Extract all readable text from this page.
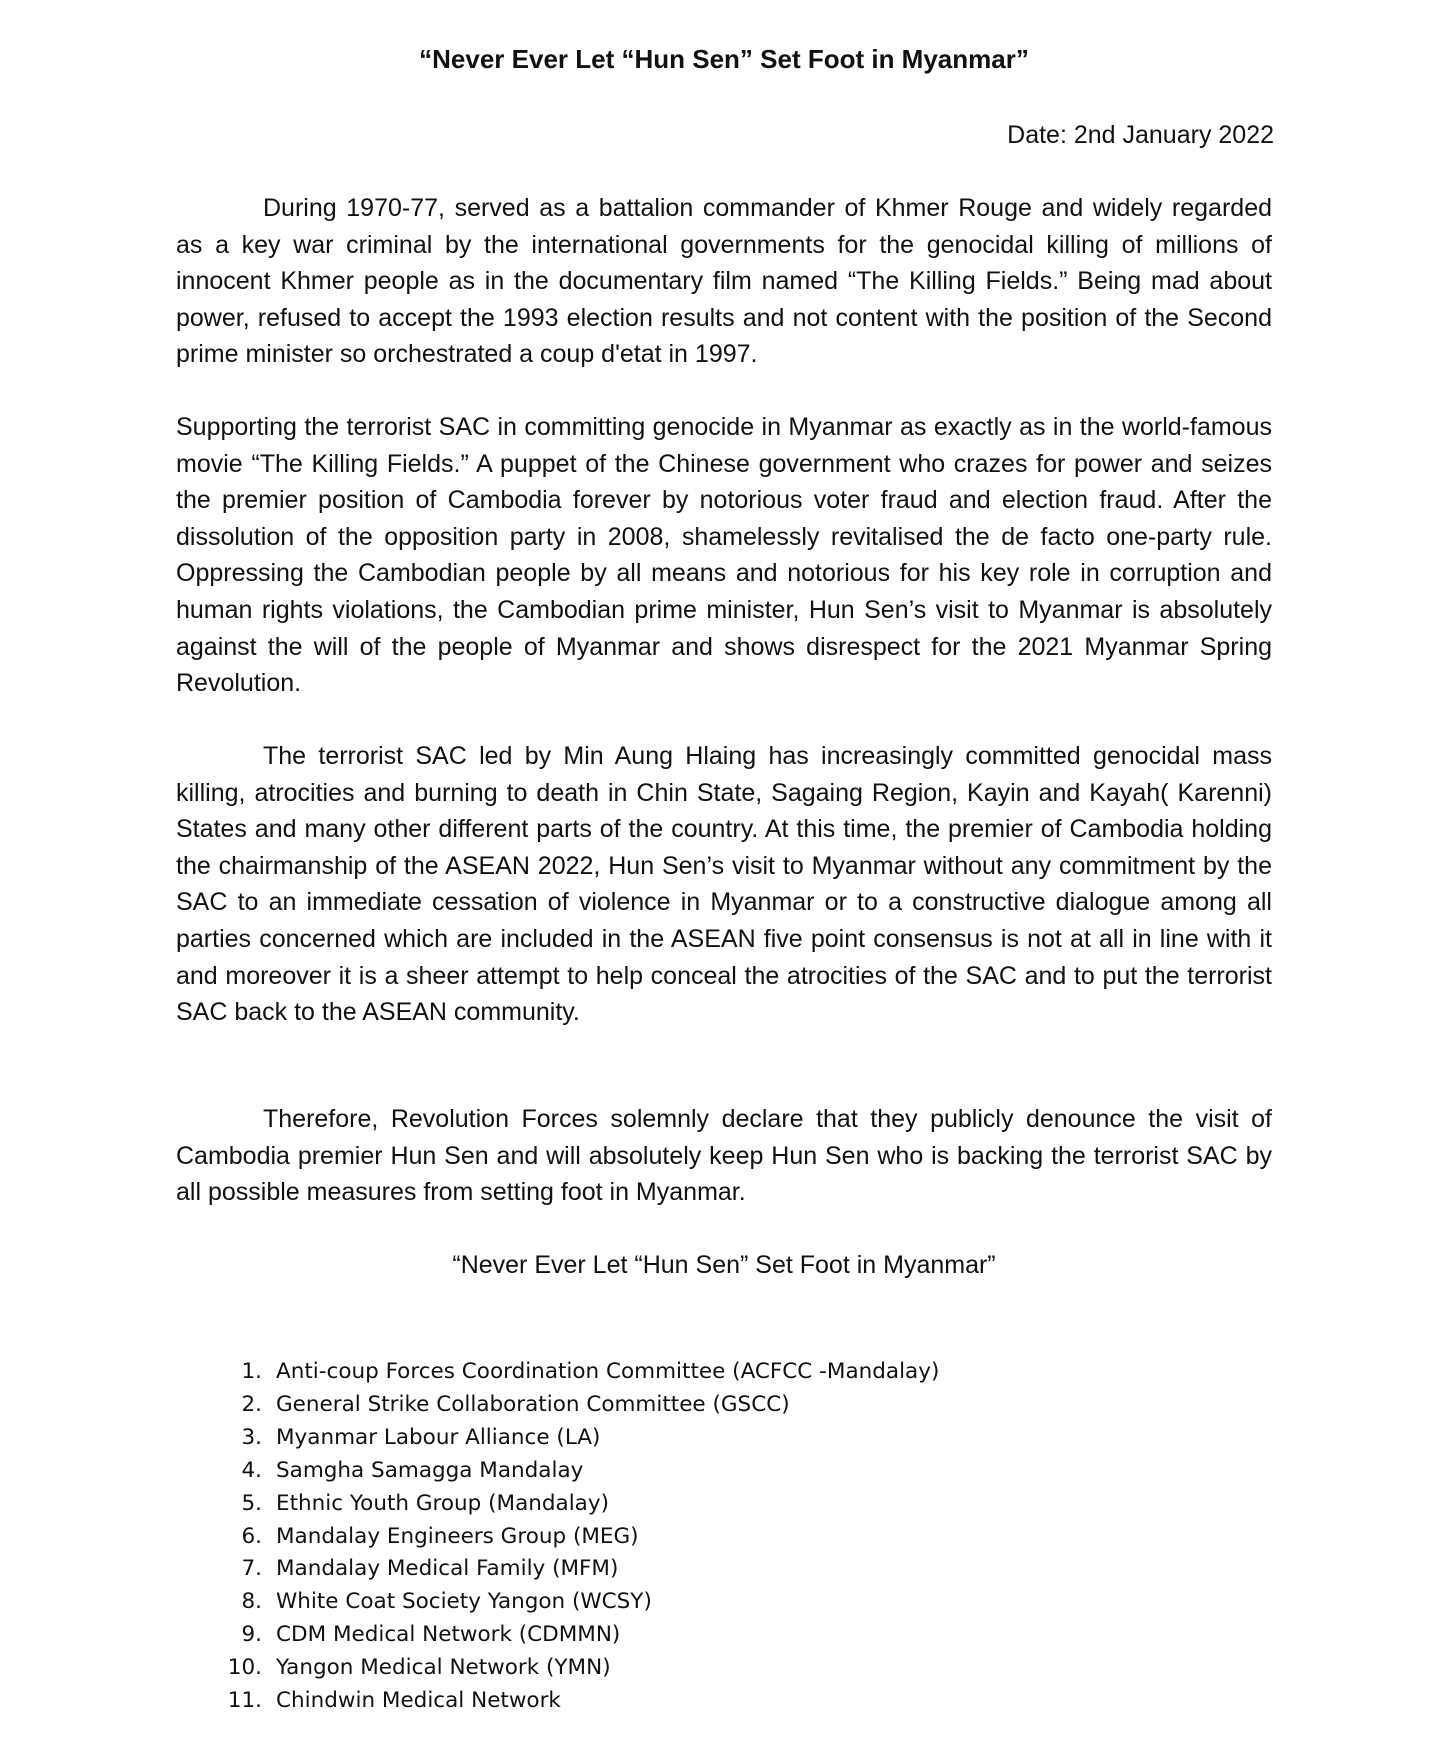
“Never Ever Let “Hun Sen” Set Foot in Myanmar”
Date: 2nd January 2022

During 1970-77, served as a battalion commander of Khmer Rouge and widely regarded as a key war criminal by the international governments for the genocidal killing of millions of innocent Khmer people as in the documentary film named “The Killing Fields.” Being mad about power, refused to accept the 1993 election results and not content with the position of the Second prime minister so orchestrated a coup d'etat in 1997.

Supporting the terrorist SAC in committing genocide in Myanmar as exactly as in the world-famous movie “The Killing Fields.” A puppet of the Chinese government who crazes for power and seizes the premier position of Cambodia forever by notorious voter fraud and election fraud. After the dissolution of the opposition party in 2008, shamelessly revitalised the de facto one-party rule. Oppressing the Cambodian people by all means and notorious for his key role in corruption and human rights violations, the Cambodian prime minister, Hun Sen’s visit to Myanmar is absolutely against the will of the people of Myanmar and shows disrespect for the 2021 Myanmar Spring Revolution.

The terrorist SAC led by Min Aung Hlaing has increasingly committed genocidal mass killing, atrocities and burning to death in Chin State, Sagaing Region, Kayin and Kayah( Karenni) States and many other different parts of the country. At this time, the premier of Cambodia holding the chairmanship of the ASEAN 2022, Hun Sen’s visit to Myanmar without any commitment by the SAC to an immediate cessation of violence in Myanmar or to a constructive dialogue among all parties concerned which are included in the ASEAN five point consensus is not at all in line with it and moreover it is a sheer attempt to help conceal the atrocities of the SAC and to put the terrorist SAC back to the ASEAN community.

Therefore, Revolution Forces solemnly declare that they publicly denounce the visit of Cambodia premier Hun Sen and will absolutely keep Hun Sen who is backing the terrorist SAC by all possible measures from setting foot in Myanmar.

“Never Ever Let “Hun Sen” Set Foot in Myanmar”
1. Anti-coup Forces Coordination Committee (ACFCC -Mandalay)
2. General Strike Collaboration Committee (GSCC)
3. Myanmar Labour Alliance (LA)
4. Samgha Samagga Mandalay
5. Ethnic Youth Group (Mandalay)
6. Mandalay Engineers Group (MEG)
7. Mandalay Medical Family (MFM)
8. White Coat Society Yangon (WCSY)
9. CDM Medical Network (CDMMN)
10. Yangon Medical Network (YMN)
11. Chindwin Medical Network
